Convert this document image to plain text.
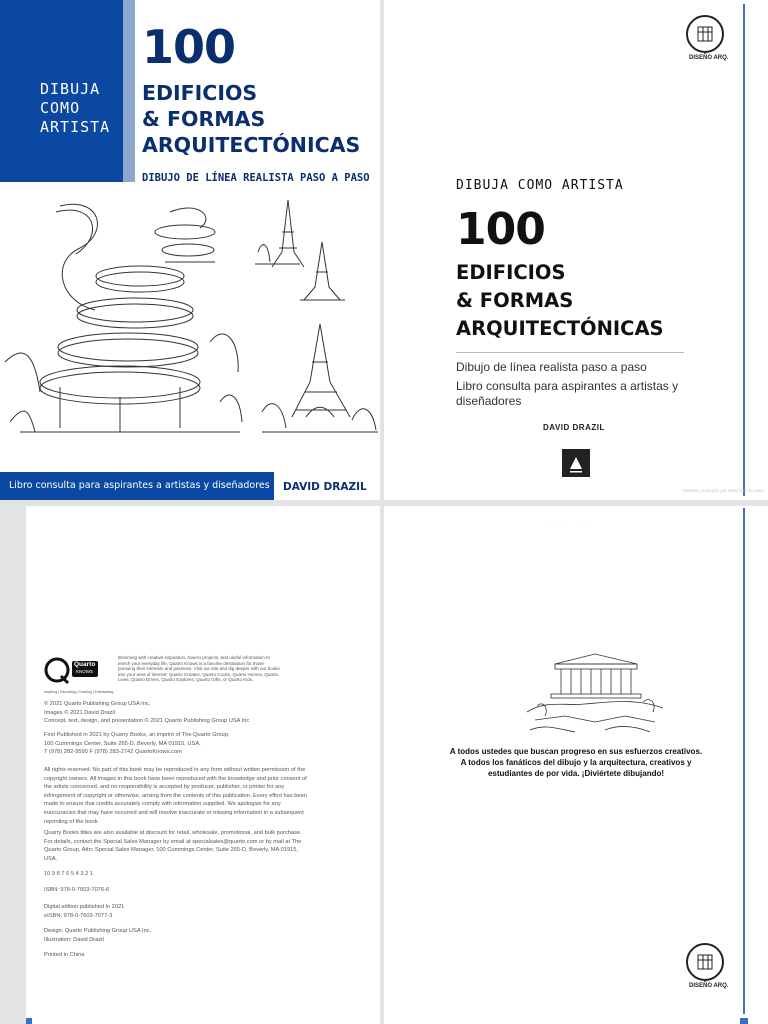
DIBUJA
COMO
ARTISTA
100
EDIFICIOS
& FORMAS
ARQUITECTÓNICAS
DIBUJO DE LÍNEA REALISTA PASO A PASO
Libro consulta para aspirantes a artistas y diseñadores DAVID DRAZIL
DISEÑO ARQ.
DIBUJA COMO ARTISTA
100
EDIFICIOS
& FORMAS
ARQUITECTÓNICAS
Dibujo de línea realista paso a paso
Libro consulta para aspirantes a artistas y diseñadores
DAVID DRAZIL
Material protegido por derechos de autor
Quarto
KNOWS
Inspiring | Educating | Creating | Entertaining
Brimming with creative inspiration, how-to projects, and useful information to enrich your everyday life, Quarto Knows is a favorite destination for those pursuing their interests and passions. Visit our site and dig deeper with our books into your area of interest: Quarto Creates, Quarto Cooks, Quarto Homes, Quarto Lives, Quarto Drives, Quarto Explores, Quarto Gifts, or Quarto Kids.

© 2021 Quarto Publishing Group USA Inc.

Images © 2021 David Drazil

Concept, text, design, and presentation © 2021 Quarto Publishing Group USA Inc

First Published in 2021 by Quarry Books, an imprint of The Quarto Group,

100 Cummings Center, Suite 265-D, Beverly, MA 01915, USA.

T (978) 282-9590 F (978) 283-2742 QuartoKnows.com

All rights reserved. No part of this book may be reproduced in any form without written permission of the copyright owners. All images in this book have been reproduced with the knowledge and prior consent of the artists concerned, and no responsibility is accepted by producer, publisher, or printer for any infringement of copyright or otherwise, arising from the contents of this publication. Every effort has been made to ensure that credits accurately comply with information supplied. We apologize for any inaccuracies that may have occurred and will resolve inaccurate or missing information in a subsequent reprinting of the book.
Quarry Books titles are also available at discount for retail, wholesale, promotional, and bulk purchase. For details, contact the Special Sales Manager by email at specialsales@quarto.com or by mail at The Quarto Group, Attn: Special Sales Manager, 100 Cummings Center, Suite 265-D, Beverly, MA 01915, USA.
10 9 8 7 6 5 4 3 2 1
ISBN: 978-0-7603-7076-6

Digital edition published in 2021

eISBN: 978-0-7603-7077-3

Design: Quarto Publishing Group USA Inc.

Illustration: David Drazil

Printed in China
· · · · · · · · · · · · ·
A todos ustedes que buscan progreso en sus esfuerzos creativos.
A todos los fanáticos del dibujo y la arquitectura, creativos y
estudiantes de por vida. ¡Diviértete dibujando!
DISEÑO ARQ.
